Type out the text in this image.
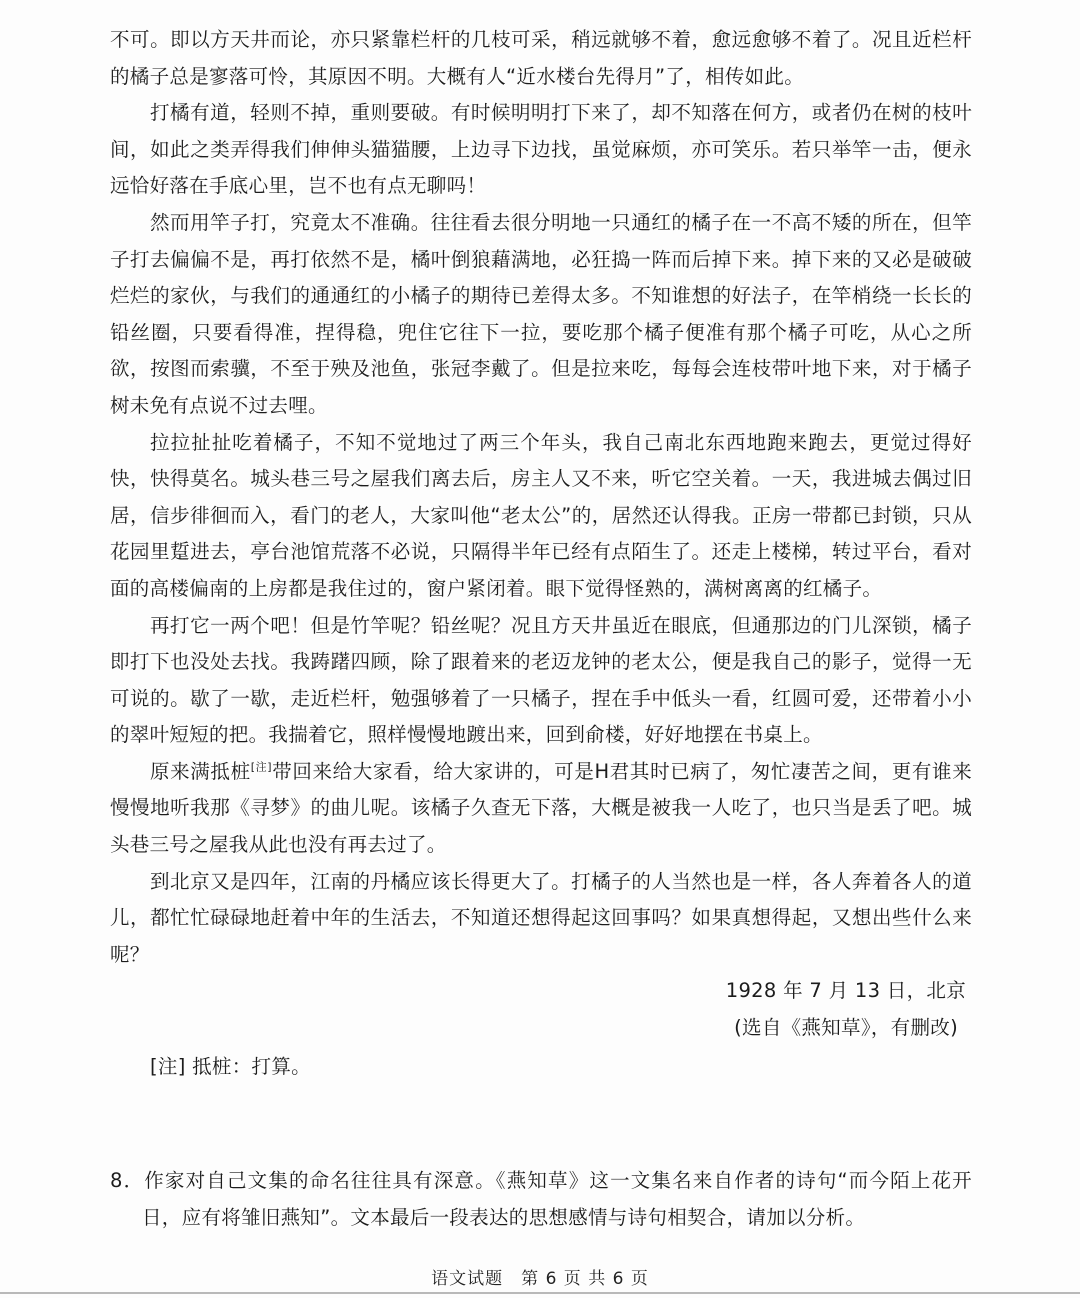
不可。即以方天井而论，亦只紧靠栏杆的几枝可采，稍远就够不着，愈远愈够不着了。况且近栏杆的橘子总是寥落可怜，其原因不明。大概有人“近水楼台先得月”了，相传如此。

打橘有道，轻则不掉，重则要破。有时候明明打下来了，却不知落在何方，或者仍在树的枝叶间，如此之类弄得我们伸伸头猫猫腰，上边寻下边找，虽觉麻烦，亦可笑乐。若只举竿一击，便永远恰好落在手底心里，岂不也有点无聊吗！

然而用竿子打，究竟太不准确。往往看去很分明地一只通红的橘子在一不高不矮的所在，但竿子打去偏偏不是，再打依然不是，橘叶倒狼藉满地，必狂捣一阵而后掉下来。掉下来的又必是破破烂烂的家伙，与我们的通通红的小橘子的期待已差得太多。不知谁想的好法子，在竿梢绕一长长的铅丝圈，只要看得准，捏得稳，兜住它往下一拉，要吃那个橘子便准有那个橘子可吃，从心之所欲，按图而索骥，不至于殃及池鱼，张冠李戴了。但是拉来吃，每每会连枝带叶地下来，对于橘子树未免有点说不过去哩。

拉拉扯扯吃着橘子，不知不觉地过了两三个年头，我自己南北东西地跑来跑去，更觉过得好快，快得莫名。城头巷三号之屋我们离去后，房主人又不来，听它空关着。一天，我进城去偶过旧居，信步徘徊而入，看门的老人，大家叫他“老太公”的，居然还认得我。正房一带都已封锁，只从花园里踅进去，亭台池馆荒落不必说，只隔得半年已经有点陌生了。还走上楼梯，转过平台，看对面的高楼偏南的上房都是我住过的，窗户紧闭着。眼下觉得怪熟的，满树离离的红橘子。

再打它一两个吧！但是竹竿呢？铅丝呢？况且方天井虽近在眼底，但通那边的门儿深锁，橘子即打下也没处去找。我踌躇四顾，除了跟着来的老迈龙钟的老太公，便是我自己的影子，觉得一无可说的。歇了一歇，走近栏杆，勉强够着了一只橘子，捏在手中低头一看，红圆可爱，还带着小小的翠叶短短的把。我揣着它，照样慢慢地踱出来，回到俞楼，好好地摆在书桌上。

原来满抵桩[注]带回来给大家看，给大家讲的，可是H君其时已病了，匆忙凄苦之间，更有谁来慢慢地听我那《寻梦》的曲儿呢。该橘子久查无下落，大概是被我一人吃了，也只当是丢了吧。城头巷三号之屋我从此也没有再去过了。

到北京又是四年，江南的丹橘应该长得更大了。打橘子的人当然也是一样，各人奔着各人的道儿，都忙忙碌碌地赶着中年的生活去，不知道还想得起这回事吗？如果真想得起，又想出些什么来呢？

1928 年 7 月 13 日，北京

(选自《燕知草》，有删改)

[注] 抵桩：打算。

8．作家对自己文集的命名往往具有深意。《燕知草》这一文集名来自作者的诗句“而今陌上花开日，应有将雏旧燕知”。文本最后一段表达的思想感情与诗句相契合，请加以分析。
语文试题　第 6 页 共 6 页
